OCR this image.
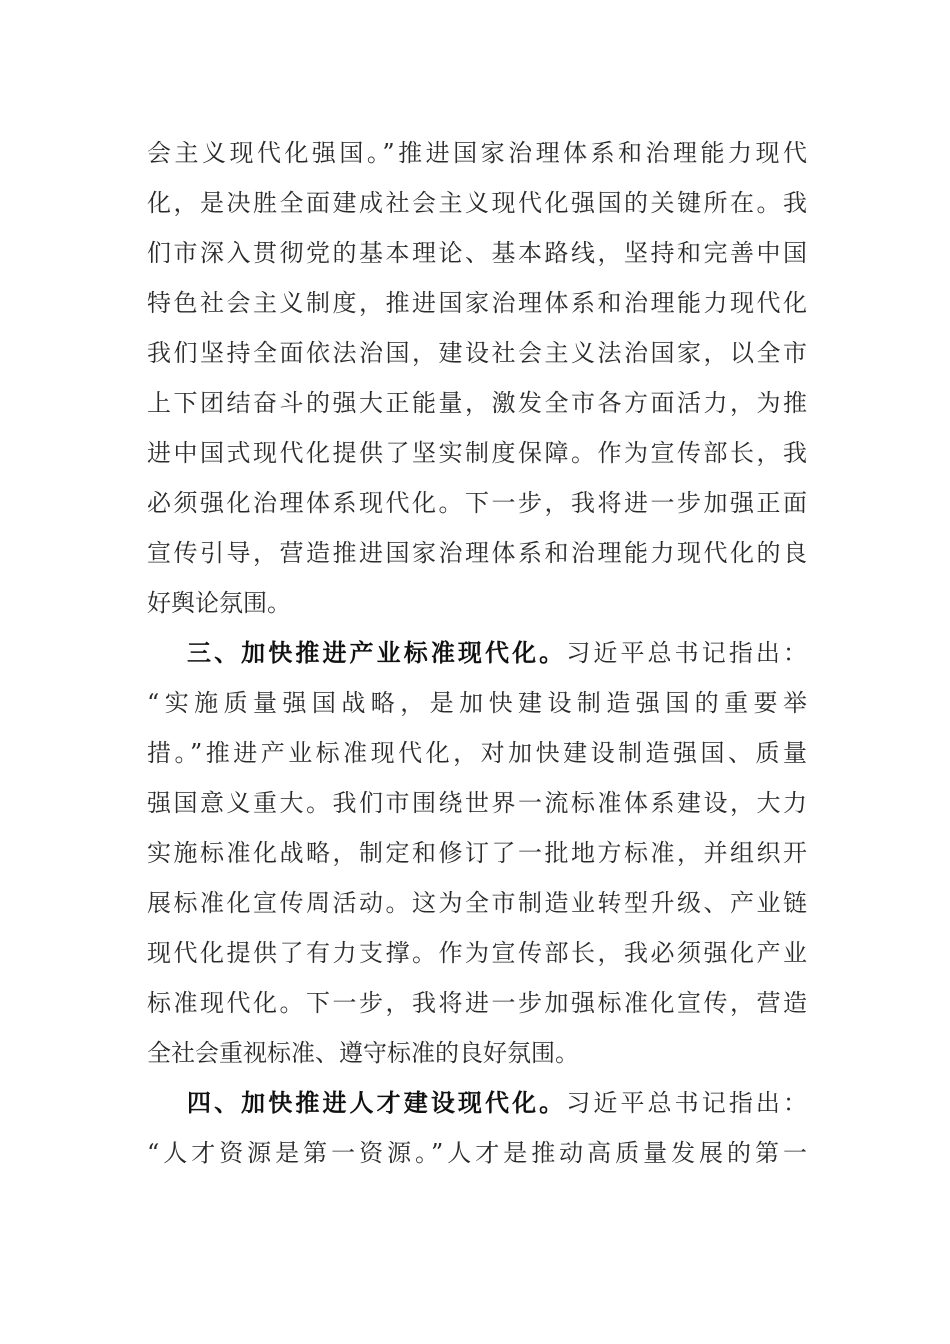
会主义现代化强国。”推进国家治理体系和治理能力现代
化，是决胜全面建成社会主义现代化强国的关键所在。我
们市深入贯彻党的基本理论、基本路线，坚持和完善中国
特色社会主义制度，推进国家治理体系和治理能力现代化
我们坚持全面依法治国，建设社会主义法治国家，以全市
上下团结奋斗的强大正能量，激发全市各方面活力，为推
进中国式现代化提供了坚实制度保障。作为宣传部长，我
必须强化治理体系现代化。下一步，我将进一步加强正面
宣传引导，营造推进国家治理体系和治理能力现代化的良
好舆论氛围。
三、加快推进产业标准现代化。习近平总书记指出：
“实施质量强国战略，是加快建设制造强国的重要举
措。”推进产业标准现代化，对加快建设制造强国、质量
强国意义重大。我们市围绕世界一流标准体系建设，大力
实施标准化战略，制定和修订了一批地方标准，并组织开
展标准化宣传周活动。这为全市制造业转型升级、产业链
现代化提供了有力支撑。作为宣传部长，我必须强化产业
标准现代化。下一步，我将进一步加强标准化宣传，营造
全社会重视标准、遵守标准的良好氛围。
四、加快推进人才建设现代化。习近平总书记指出：
“人才资源是第一资源。”人才是推动高质量发展的第一
